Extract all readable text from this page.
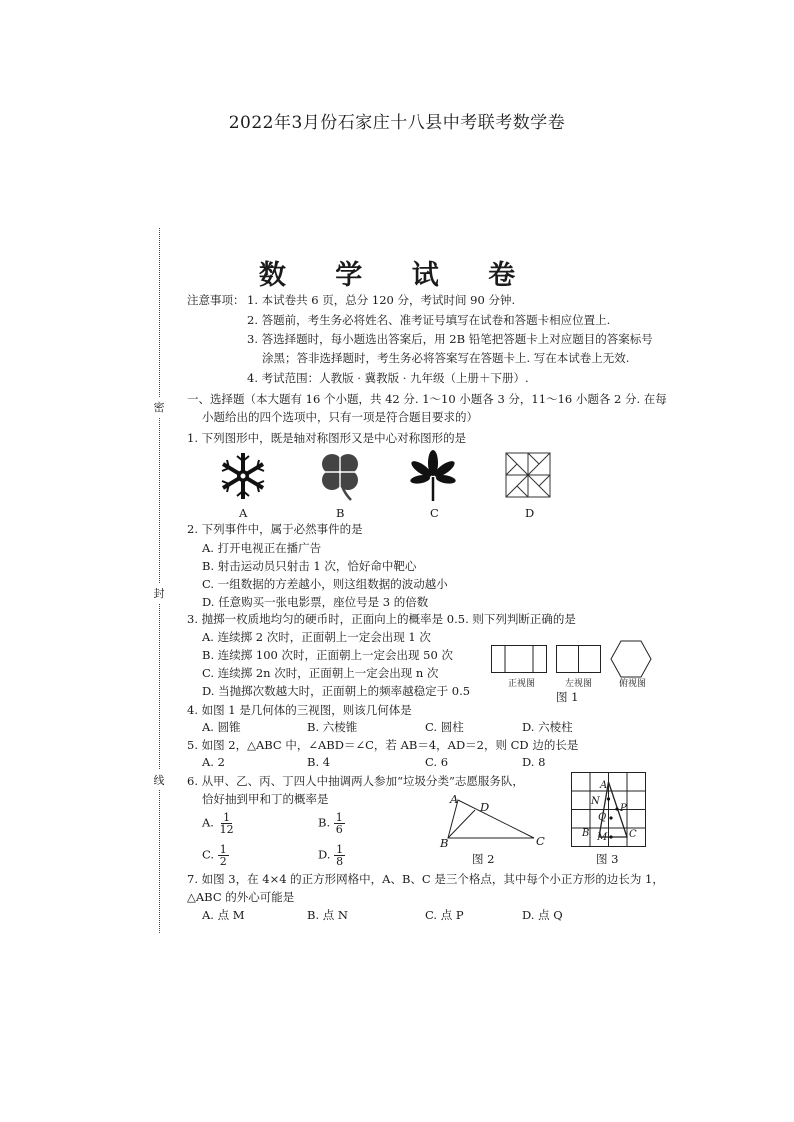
2022年3月份石家庄十八县中考联考数学卷
密
封
线
数 学 试 卷
注意事项： 1. 本试卷共 6 页，总分 120 分，考试时间 90 分钟.
2. 答题前，考生务必将姓名、准考证号填写在试卷和答题卡相应位置上.
3. 答选择题时，每小题选出答案后，用 2B 铅笔把答题卡上对应题目的答案标号
涂黑；答非选择题时，考生务必将答案写在答题卡上. 写在本试卷上无效.
4. 考试范围：人教版 · 冀教版 · 九年级（上册＋下册）.
一、选择题（本大题有 16 个小题，共 42 分. 1～10 小题各 3 分，11～16 小题各 2 分. 在每
小题给出的四个选项中，只有一项是符合题目要求的）
1. 下列图形中，既是轴对称图形又是中心对称图形的是
A	B	C	D
2. 下列事件中，属于必然事件的是
A. 打开电视正在播广告
B. 射击运动员只射击 1 次，恰好命中靶心
C. 一组数据的方差越小，则这组数据的波动越小
D. 任意购买一张电影票，座位号是 3 的倍数
3. 抛掷一枚质地均匀的硬币时，正面向上的概率是 0.5. 则下列判断正确的是
A. 连续掷 2 次时，正面朝上一定会出现 1 次
B. 连续掷 100 次时，正面朝上一定会出现 50 次
C. 连续掷 2n 次时，正面朝上一定会出现 n 次
D. 当抛掷次数越大时，正面朝上的频率越稳定于 0.5	正视图	左视图	俯视图
图 1
4. 如图 1 是几何体的三视图，则该几何体是
A. 圆锥	B. 六棱锥	C. 圆柱	D. 六棱柱
5. 如图 2，△ABC 中，∠ABD＝∠C，若 AB＝4，AD＝2，则 CD 边的长是
A. 2	B. 4	C. 6	D. 8
6. 从甲、乙、丙、丁四人中抽调两人参加“垃圾分类”志愿服务队，
恰好抽到甲和丁的概率是
A. $\frac{1}{12}$	B. $\frac{1}{6}$
C. $\frac{1}{2}$	D. $\frac{1}{8}$
A
D
B	C
图 2
A
N
P
Q
B M C
图 3
7. 如图 3，在 4×4 的正方形网格中，A、B、C 是三个格点，其中每个小正方形的边长为 1，
△ABC 的外心可能是
A. 点 M	B. 点 N	C. 点 P	D. 点 Q
